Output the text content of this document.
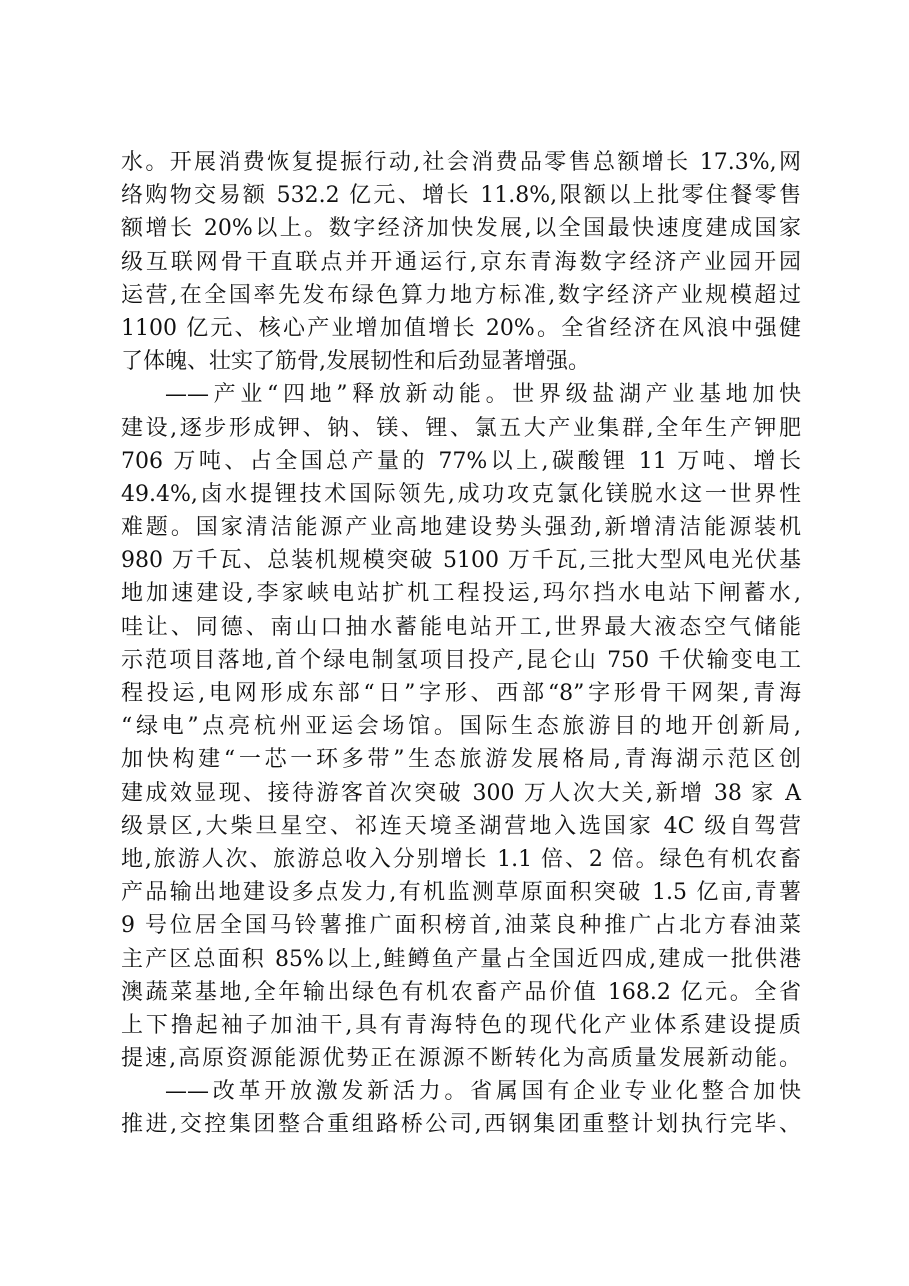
水。开展消费恢复提振行动,社会消费品零售总额增长 17.3%,网
络购物交易额 532.2 亿元、增长 11.8%,限额以上批零住餐零售
额增长 20%以上。数字经济加快发展,以全国最快速度建成国家
级互联网骨干直联点并开通运行,京东青海数字经济产业园开园
运营,在全国率先发布绿色算力地方标准,数字经济产业规模超过
1100 亿元、核心产业增加值增长 20%。全省经济在风浪中强健
了体魄、壮实了筋骨,发展韧性和后劲显著增强。
——产业“四地”释放新动能。世界级盐湖产业基地加快
建设,逐步形成钾、钠、镁、锂、氯五大产业集群,全年生产钾肥
706 万吨、占全国总产量的 77%以上,碳酸锂 11 万吨、增长
49.4%,卤水提锂技术国际领先,成功攻克氯化镁脱水这一世界性
难题。国家清洁能源产业高地建设势头强劲,新增清洁能源装机
980 万千瓦、总装机规模突破 5100 万千瓦,三批大型风电光伏基
地加速建设,李家峡电站扩机工程投运,玛尔挡水电站下闸蓄水,
哇让、同德、南山口抽水蓄能电站开工,世界最大液态空气储能
示范项目落地,首个绿电制氢项目投产,昆仑山 750 千伏输变电工
程投运,电网形成东部“日”字形、西部“8”字形骨干网架,青海
“绿电”点亮杭州亚运会场馆。国际生态旅游目的地开创新局,
加快构建“一芯一环多带”生态旅游发展格局,青海湖示范区创
建成效显现、接待游客首次突破 300 万人次大关,新增 38 家 A
级景区,大柴旦星空、祁连天境圣湖营地入选国家 4C 级自驾营
地,旅游人次、旅游总收入分别增长 1.1 倍、2 倍。绿色有机农畜
产品输出地建设多点发力,有机监测草原面积突破 1.5 亿亩,青薯
9 号位居全国马铃薯推广面积榜首,油菜良种推广占北方春油菜
主产区总面积 85%以上,鲑鳟鱼产量占全国近四成,建成一批供港
澳蔬菜基地,全年输出绿色有机农畜产品价值 168.2 亿元。全省
上下撸起袖子加油干,具有青海特色的现代化产业体系建设提质
提速,高原资源能源优势正在源源不断转化为高质量发展新动能。
——改革开放激发新活力。省属国有企业专业化整合加快
推进,交控集团整合重组路桥公司,西钢集团重整计划执行完毕、
